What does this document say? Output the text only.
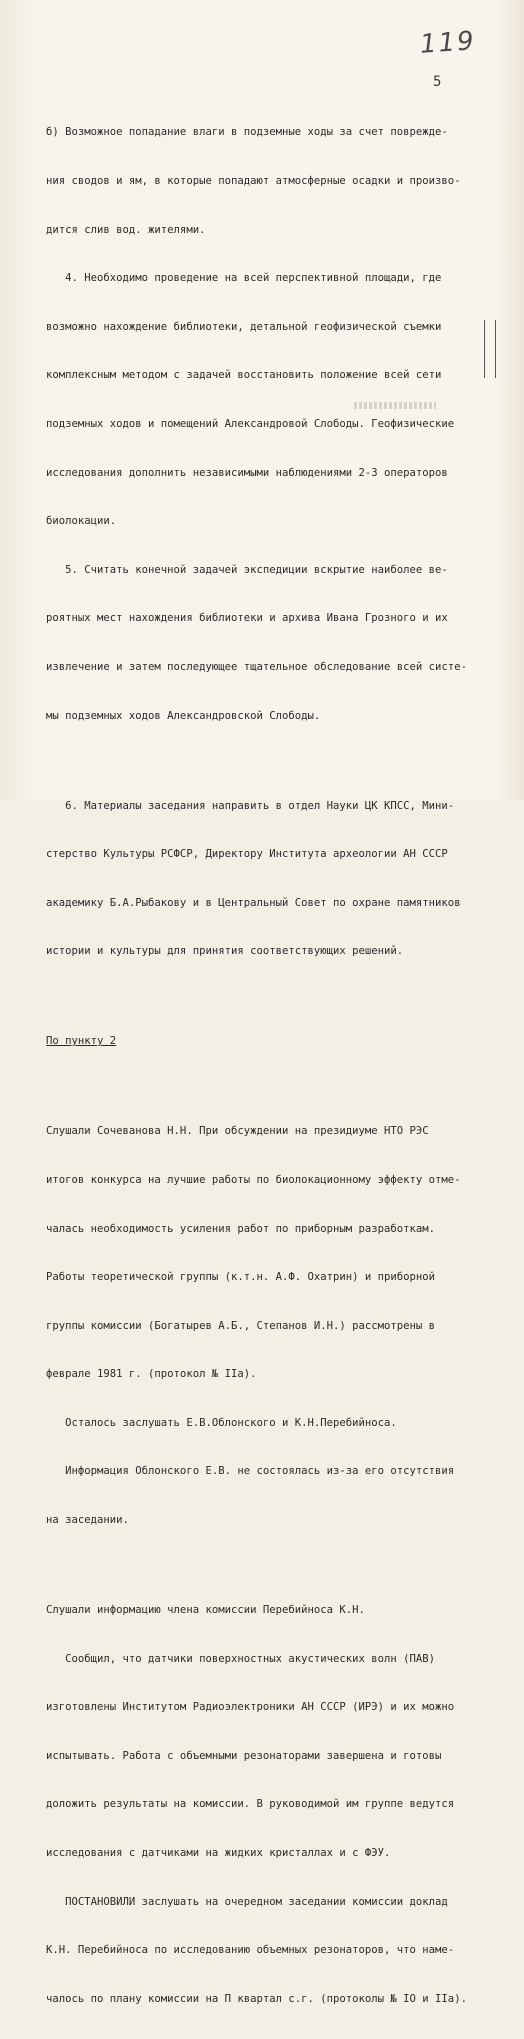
119
5

б) Возможное попадание влаги в подземные ходы за счет поврежде-

ния сводов и ям, в которые попадают атмосферные осадки и произво-

дится слив вод. жителями.

4. Необходимо проведение на всей перспективной площади, где

возможно нахождение библиотеки, детальной геофизической съемки

комплексным методом с задачей восстановить положение всей сети

подземных ходов и помещений Александровой Слободы. Геофизические

исследования дополнить независимыми наблюдениями 2-3 операторов

биолокации.

5. Считать конечной задачей экспедиции вскрытие наиболее ве-

роятных мест нахождения библиотеки и архива Ивана Грозного и их

извлечение и затем последующее тщательное обследование всей систе-

мы подземных ходов Александровской Слободы.

6. Материалы заседания направить в отдел Науки ЦК КПСС, Мини-

стерство Культуры РСФСР, Директору Института археологии АН СССР

академику Б.А.Рыбакову и в Центральный Совет по охране памятников

истории и культуры для принятия соответствующих решений.

По пункту 2

Слушали Сочеванова Н.Н. При обсуждении на президиуме НТО РЭС

итогов конкурса на лучшие работы по биолокационному эффекту отме-

чалась необходимость усиления работ по приборным разработкам.

Работы теоретической группы (к.т.н. А.Ф. Охатрин) и приборной

группы комиссии (Богатырев А.Б., Степанов И.Н.) рассмотрены в

феврале 1981 г. (протокол № IIа).

Осталось заслушать Е.В.Облонского и К.Н.Перебийноса.

Информация Облонского Е.В. не состоялась из-за его отсутствия

на заседании.

Слушали информацию члена комиссии Перебийноса К.Н.

Сообщил, что датчики поверхностных акустических волн (ПАВ)

изготовлены Институтом Радиоэлектроники АН СССР (ИРЭ) и их можно

испытывать. Работа с объемными резонаторами завершена и готовы

доложить результаты на комиссии. В руководимой им группе ведутся

исследования с датчиками на жидких кристаллах и с ФЭУ.

ПОСТАНОВИЛИ заслушать на очередном заседании комиссии доклад

К.Н. Перебийноса по исследованию объемных резонаторов, что намe-

чалось по плану комиссии на П квартал с.г. (протоколы № IO и IIа).
